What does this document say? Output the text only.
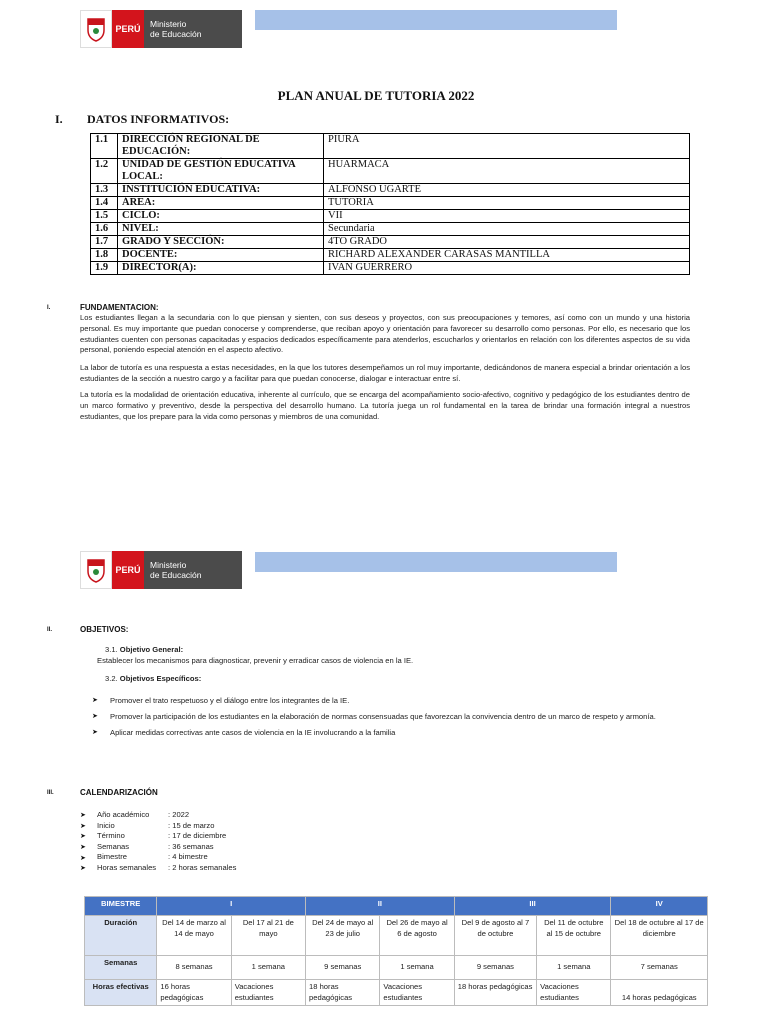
PERÚ	Ministerio
de Educación
PLAN ANUAL DE TUTORIA 2022
I. DATOS INFORMATIVOS:
1.1	DIRECCIÓN REGIONAL DE EDUCACIÓN:	PIURA
1.2	UNIDAD DE GESTIÓN EDUCATIVA LOCAL:	HUARMACA
1.3	INSTITUCIÓN EDUCATIVA:	ALFONSO UGARTE
1.4	ÁREA:	TUTORIA
1.5	CICLO:	VII
1.6	NIVEL:	Secundaria
1.7	GRADO Y SECCIÓN:	4TO GRADO
1.8	DOCENTE:	RICHARD ALEXANDER CARASAS MANTILLA
1.9	DIRECTOR(A):	IVAN GUERRERO
I.	FUNDAMENTACION:
Los estudiantes llegan a la secundaria con lo que piensan y sienten, con sus deseos y proyectos, con sus preocupaciones y temores, así como con un mundo y una historia personal. Es muy importante que puedan conocerse y comprenderse, que reciban apoyo y orientación para favorecer su desarrollo como personas. Por ello, es necesario que los estudiantes cuenten con personas capacitadas y espacios dedicados específicamente para atenderlos, escucharlos y orientarlos en relación con los diferentes aspectos de su vida personal, poniendo especial atención en el aspecto afectivo.
La labor de tutoría es una respuesta a estas necesidades, en la que los tutores desempeñamos un rol muy importante, dedicándonos de manera especial a brindar orientación a los estudiantes de la sección a nuestro cargo y a facilitar para que puedan conocerse, dialogar e interactuar entre sí.
La tutoría es la modalidad de orientación educativa, inherente al currículo, que se encarga del acompañamiento socio-afectivo, cognitivo y pedagógico de los estudiantes dentro de un marco formativo y preventivo, desde la perspectiva del desarrollo humano. La tutoría juega un rol fundamental en la tarea de brindar una formación integral a nuestros estudiantes, que los prepare para la vida como personas y miembros de una comunidad.
PERÚ	Ministerio
de Educación
II.	OBJETIVOS:
3.1. Objetivo General:
Establecer los mecanismos para diagnosticar, prevenir y erradicar casos de violencia en la IE.
3.2. Objetivos Específicos:
➤ Promover el trato respetuoso y el diálogo entre los integrantes de la IE.
➤ Promover la participación de los estudiantes en la elaboración de normas consensuadas que favorezcan la convivencia dentro de un marco de respeto y armonía.
➤ Aplicar medidas correctivas ante casos de violencia en la IE involucrando a la familia
III.	CALENDARIZACIÓN
➤	Año académico	: 2022
➤	Inicio	: 15 de marzo
➤	Término	: 17 de diciembre
➤	Semanas	: 36 semanas
➤	Bimestre	: 4 bimestre
➤	Horas semanales	: 2 horas semanales
BIMESTRE	I		II		III		IV
Duración	Del 14 de marzo al 14 de mayo	Del 17 al 21 de mayo	Del 24 de mayo al 23 de julio	Del 26 de mayo al 6 de agosto	Del 9 de agosto al 7 de octubre	Del 11 de octubre al 15 de octubre	Del 18 de octubre al 17 de diciembre
Semanas	8 semanas	1 semana	9 semanas	1 semana	9 semanas	1 semana	7 semanas
Horas efectivas	16 horas pedagógicas	Vacaciones estudiantes	18 horas pedagógicas	Vacaciones estudiantes	18 horas pedagógicas	Vacaciones estudiantes	14 horas pedagógicas
